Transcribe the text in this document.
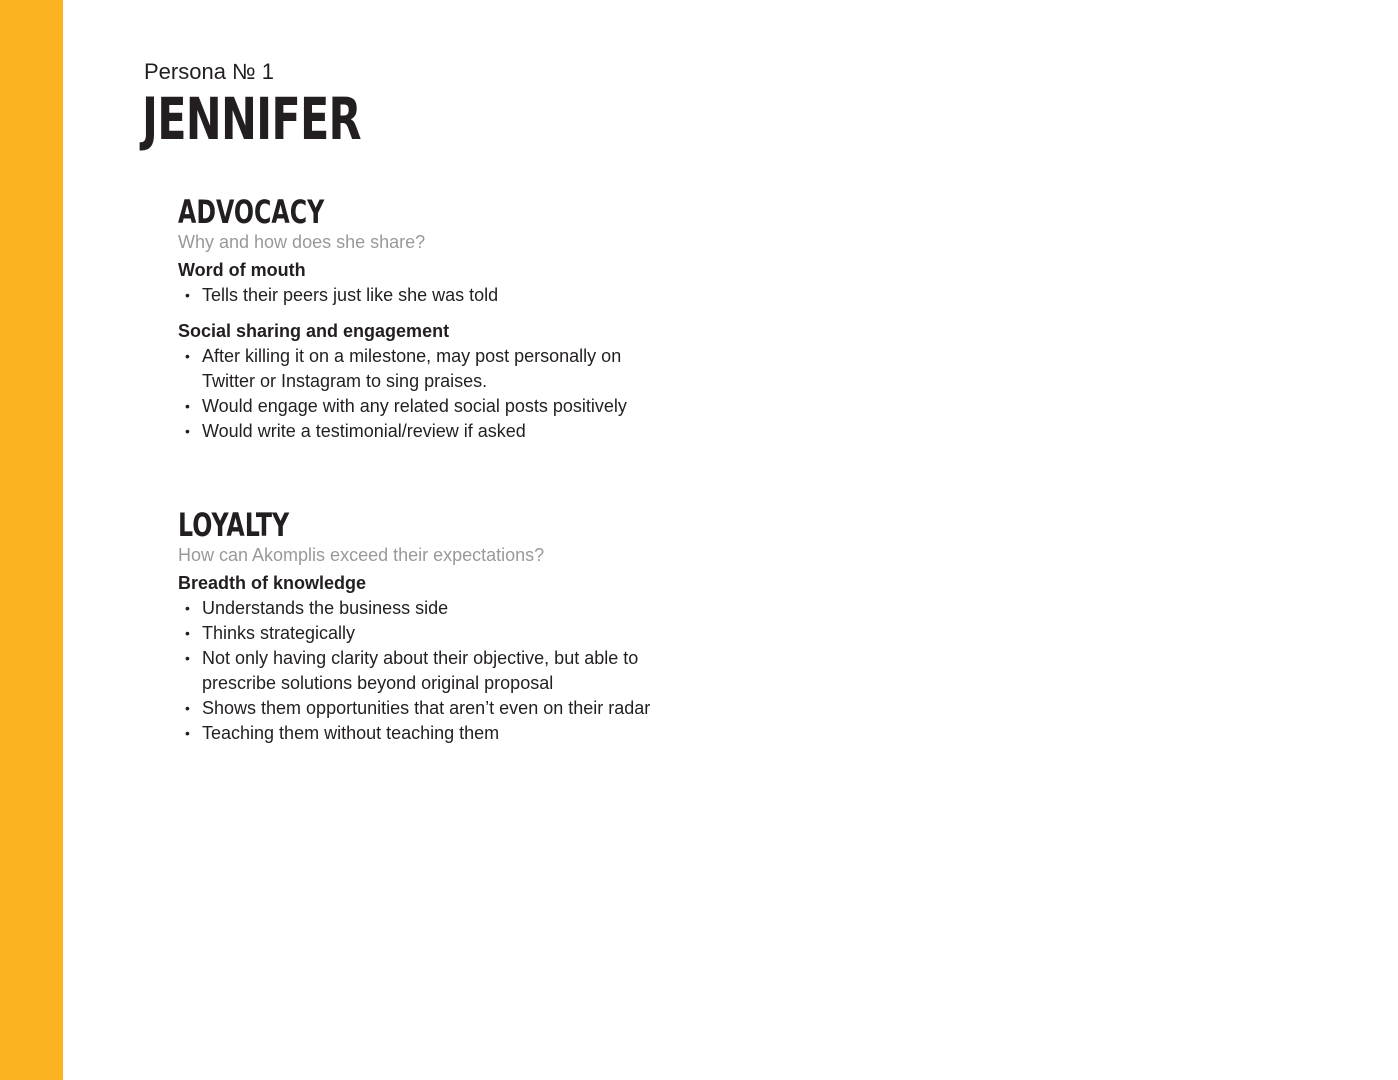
Persona № 1
JENNIFER
ADVOCACY
Why and how does she share?
Word of mouth
• Tells their peers just like she was told
Social sharing and engagement
• After killing it on a milestone, may post personally on Twitter or Instagram to sing praises.
• Would engage with any related social posts positively
• Would write a testimonial/review if asked
LOYALTY
How can Akomplis exceed their expectations?
Breadth of knowledge
• Understands the business side
• Thinks strategically
• Not only having clarity about their objective, but able to prescribe solutions beyond original proposal
• Shows them opportunities that aren’t even on their radar
• Teaching them without teaching them
